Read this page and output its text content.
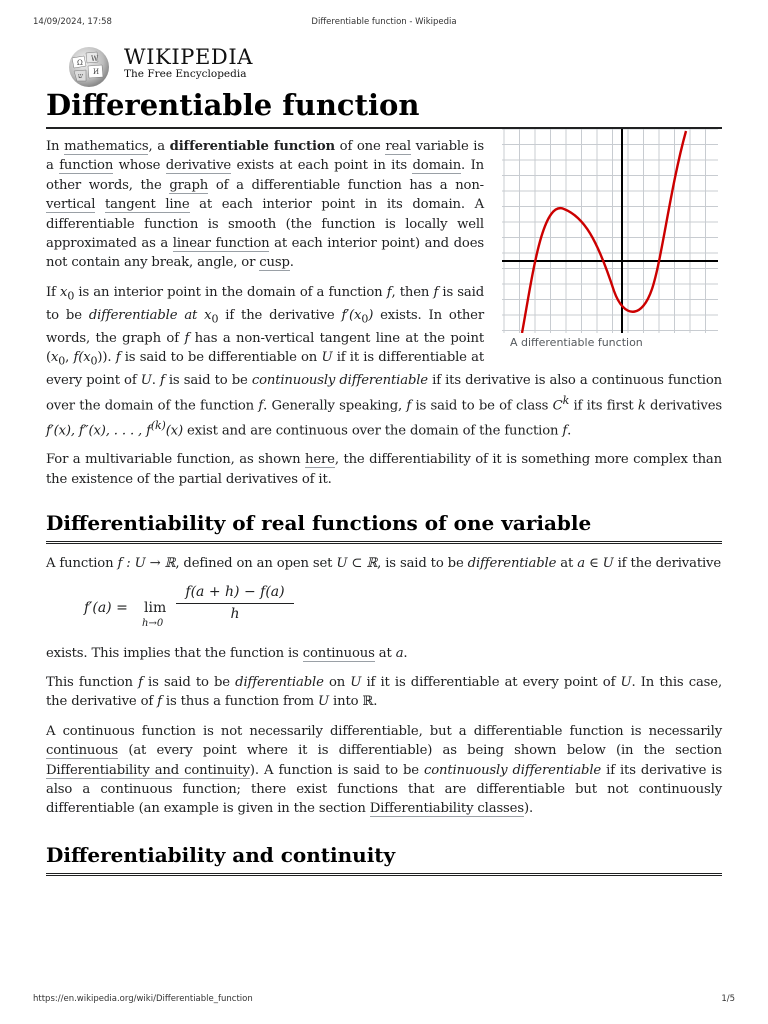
14/09/2024, 17:58	Differentiable function - Wikipedia
Ω W
И
ש
WIKIPEDIA
The Free Encyclopedia
Differentiable function
A differentiable function

In mathematics, a differentiable function of one real variable is a function whose derivative exists at each point in its domain. In other words, the graph of a differentiable function has a non-vertical tangent line at each interior point in its domain. A differentiable function is smooth (the function is locally well approximated as a linear function at each interior point) and does not contain any break, angle, or cusp.

If $x_0$ is an interior point in the domain of a function f, then f is said to be differentiable at $x_0$ if the derivative $f'(x_0)$ exists. In other words, the graph of f has a non-vertical tangent line at the point ($x_0$, $f(x_0)$). f is said to be differentiable on U if it is differentiable at every point of U. f is said to be continuously differentiable if its derivative is also a continuous function over the domain of the function f. Generally speaking, f is said to be of class $C^k$ if its first k derivatives f′(x), f″(x), . . . , $f^{(k)}(x)$ exist and are continuous over the domain of the function f.

For a multivariable function, as shown here, the differentiability of it is something more complex than the existence of the partial derivatives of it.

Differentiability of real functions of one variable

A function f : U → ℝ, defined on an open set U ⊂ ℝ, is said to be differentiable at a ∈ U if the derivative

f′(a) = lim
h→0
$\frac{f(a + h) - f(a)}{h}$

exists. This implies that the function is continuous at a.

This function f is said to be differentiable on U if it is differentiable at every point of U. In this case, the derivative of f is thus a function from U into ℝ.

A continuous function is not necessarily differentiable, but a differentiable function is necessarily continuous (at every point where it is differentiable) as being shown below (in the section Differentiability and continuity). A function is said to be continuously differentiable if its derivative is also a continuous function; there exist functions that are differentiable but not continuously differentiable (an example is given in the section Differentiability classes).

Differentiability and continuity
https://en.wikipedia.org/wiki/Differentiable_function	1/5
